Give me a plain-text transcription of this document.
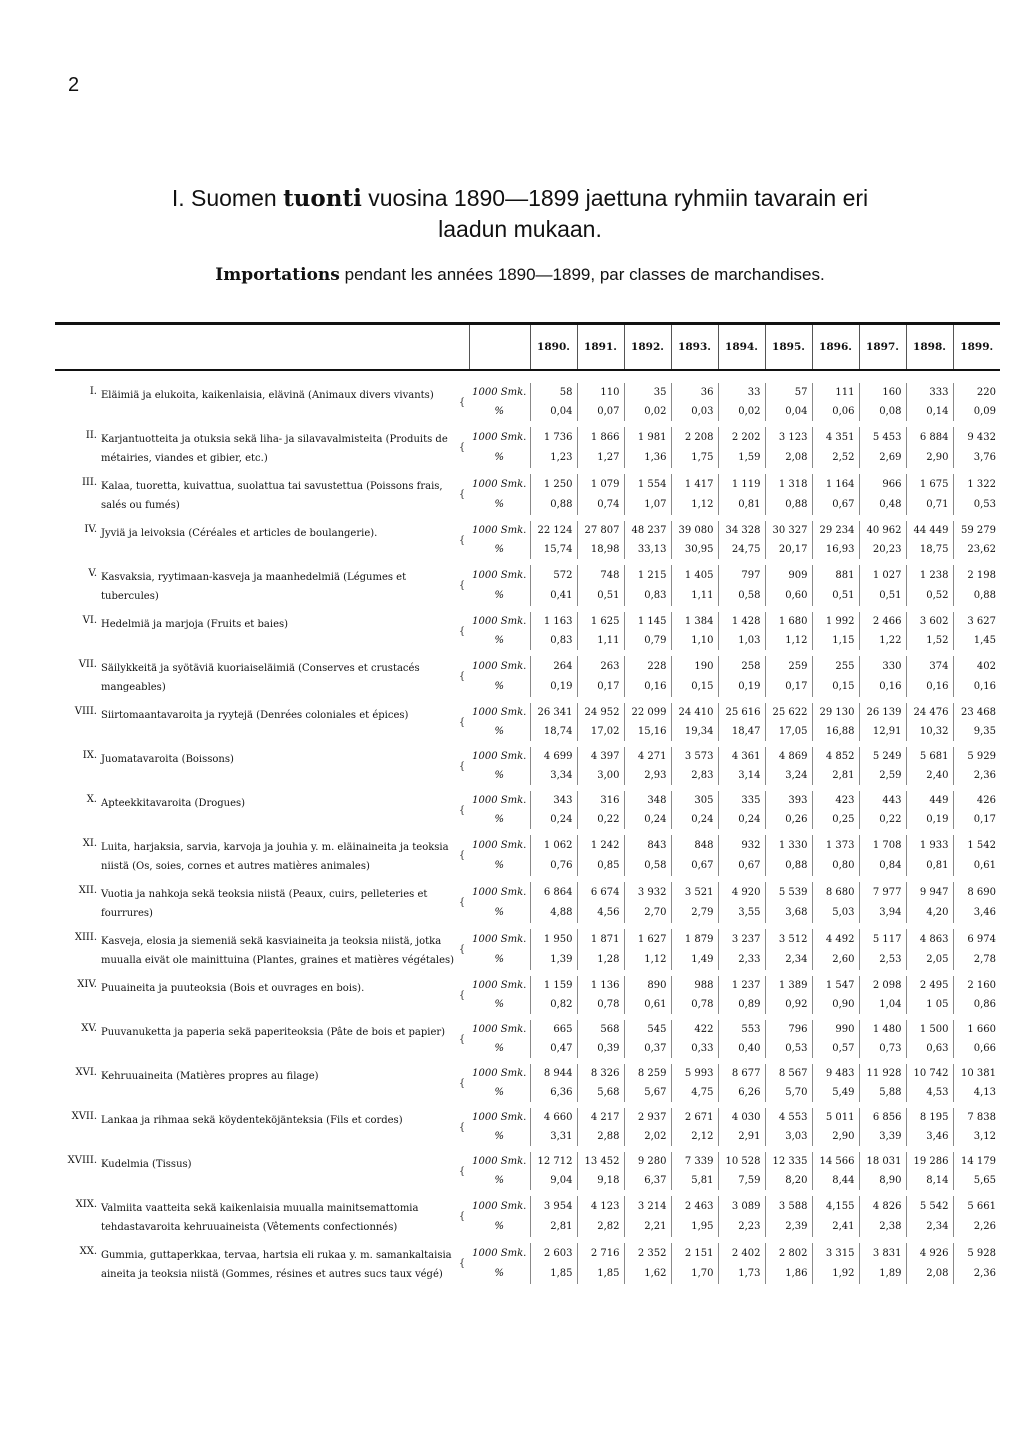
2
I. Suomen tuonti vuosina 1890—1899 jaettuna ryhmiin tavarain eri
laadun mukaan.
Importations pendant les années 1890—1899, par classes de marchandises.

				1890.	1891.	1892.	1893.	1894.	1895.	1896.	1897.	1898.	1899.

I.	Eläimiä ja elukoita, kaikenlaisia, elävinä (Animaux divers vivants)	{	1000 Smk.	58	110	35	36	33	57	111	160	333	220
			%	0,04	0,07	0,02	0,03	0,02	0,04	0,06	0,08	0,14	0,09

II.	Karjantuotteita ja otuksia sekä liha- ja silavavalmisteita (Produits de métairies, viandes et gibier, etc.)	{	1000 Smk.	1 736	1 866	1 981	2 208	2 202	3 123	4 351	5 453	6 884	9 432
			%	1,23	1,27	1,36	1,75	1,59	2,08	2,52	2,69	2,90	3,76

III.	Kalaa, tuoretta, kuivattua, suolattua tai savustettua (Poissons frais, salés ou fumés)	{	1000 Smk.	1 250	1 079	1 554	1 417	1 119	1 318	1 164	966	1 675	1 322
			%	0,88	0,74	1,07	1,12	0,81	0,88	0,67	0,48	0,71	0,53

IV.	Jyviä ja leivoksia (Céréales et articles de boulangerie).	{	1000 Smk.	22 124	27 807	48 237	39 080	34 328	30 327	29 234	40 962	44 449	59 279
			%	15,74	18,98	33,13	30,95	24,75	20,17	16,93	20,23	18,75	23,62

V.	Kasvaksia, ryytimaan-kasveja ja maanhedelmiä (Légumes et tubercules)	{	1000 Smk.	572	748	1 215	1 405	797	909	881	1 027	1 238	2 198
			%	0,41	0,51	0,83	1,11	0,58	0,60	0,51	0,51	0,52	0,88

VI.	Hedelmiä ja marjoja (Fruits et baies)	{	1000 Smk.	1 163	1 625	1 145	1 384	1 428	1 680	1 992	2 466	3 602	3 627
			%	0,83	1,11	0,79	1,10	1,03	1,12	1,15	1,22	1,52	1,45

VII.	Säilykkeitä ja syötäviä kuoriaiseläimiä (Conserves et crustacés mangeables)	{	1000 Smk.	264	263	228	190	258	259	255	330	374	402
			%	0,19	0,17	0,16	0,15	0,19	0,17	0,15	0,16	0,16	0,16

VIII.	Siirtomaantavaroita ja ryytejä (Denrées coloniales et épices)	{	1000 Smk.	26 341	24 952	22 099	24 410	25 616	25 622	29 130	26 139	24 476	23 468
			%	18,74	17,02	15,16	19,34	18,47	17,05	16,88	12,91	10,32	9,35

IX.	Juomatavaroita (Boissons)	{	1000 Smk.	4 699	4 397	4 271	3 573	4 361	4 869	4 852	5 249	5 681	5 929
			%	3,34	3,00	2,93	2,83	3,14	3,24	2,81	2,59	2,40	2,36

X.	Apteekkitavaroita (Drogues)	{	1000 Smk.	343	316	348	305	335	393	423	443	449	426
			%	0,24	0,22	0,24	0,24	0,24	0,26	0,25	0,22	0,19	0,17

XI.	Luita, harjaksia, sarvia, karvoja ja jouhia y. m. eläinaineita ja teoksia niistä (Os, soies, cornes et autres matières animales)	{	1000 Smk.	1 062	1 242	843	848	932	1 330	1 373	1 708	1 933	1 542
			%	0,76	0,85	0,58	0,67	0,67	0,88	0,80	0,84	0,81	0,61

XII.	Vuotia ja nahkoja sekä teoksia niistä (Peaux, cuirs, pelleteries et fourrures)	{	1000 Smk.	6 864	6 674	3 932	3 521	4 920	5 539	8 680	7 977	9 947	8 690
			%	4,88	4,56	2,70	2,79	3,55	3,68	5,03	3,94	4,20	3,46

XIII.	Kasveja, elosia ja siemeniä sekä kasviaineita ja teoksia niistä, jotka muualla eivät ole mainittuina (Plantes, graines et matières végétales)	{	1000 Smk.	1 950	1 871	1 627	1 879	3 237	3 512	4 492	5 117	4 863	6 974
			%	1,39	1,28	1,12	1,49	2,33	2,34	2,60	2,53	2,05	2,78

XIV.	Puuaineita ja puuteoksia (Bois et ouvrages en bois).	{	1000 Smk.	1 159	1 136	890	988	1 237	1 389	1 547	2 098	2 495	2 160
			%	0,82	0,78	0,61	0,78	0,89	0,92	0,90	1,04	1 05	0,86

XV.	Puuvanuketta ja paperia sekä paperiteoksia (Pâte de bois et papier)	{	1000 Smk.	665	568	545	422	553	796	990	1 480	1 500	1 660
			%	0,47	0,39	0,37	0,33	0,40	0,53	0,57	0,73	0,63	0,66

XVI.	Kehruuaineita (Matières propres au filage)	{	1000 Smk.	8 944	8 326	8 259	5 993	8 677	8 567	9 483	11 928	10 742	10 381
			%	6,36	5,68	5,67	4,75	6,26	5,70	5,49	5,88	4,53	4,13

XVII.	Lankaa ja rihmaa sekä köydenteköjänteksia (Fils et cordes)	{	1000 Smk.	4 660	4 217	2 937	2 671	4 030	4 553	5 011	6 856	8 195	7 838
			%	3,31	2,88	2,02	2,12	2,91	3,03	2,90	3,39	3,46	3,12

XVIII.	Kudelmia (Tissus)	{	1000 Smk.	12 712	13 452	9 280	7 339	10 528	12 335	14 566	18 031	19 286	14 179
			%	9,04	9,18	6,37	5,81	7,59	8,20	8,44	8,90	8,14	5,65

XIX.	Valmiita vaatteita sekä kaikenlaisia muualla mainitsemattomia tehdastavaroita kehruuaineista (Vêtements confectionnés)	{	1000 Smk.	3 954	4 123	3 214	2 463	3 089	3 588	4,155	4 826	5 542	5 661
			%	2,81	2,82	2,21	1,95	2,23	2,39	2,41	2,38	2,34	2,26

XX.	Gummia, guttaperkkaa, tervaa, hartsia eli rukaa y. m. samankaltaisia aineita ja teoksia niistä (Gommes, résines et autres sucs taux végé)	{	1000 Smk.	2 603	2 716	2 352	2 151	2 402	2 802	3 315	3 831	4 926	5 928
			%	1,85	1,85	1,62	1,70	1,73	1,86	1,92	1,89	2,08	2,36
